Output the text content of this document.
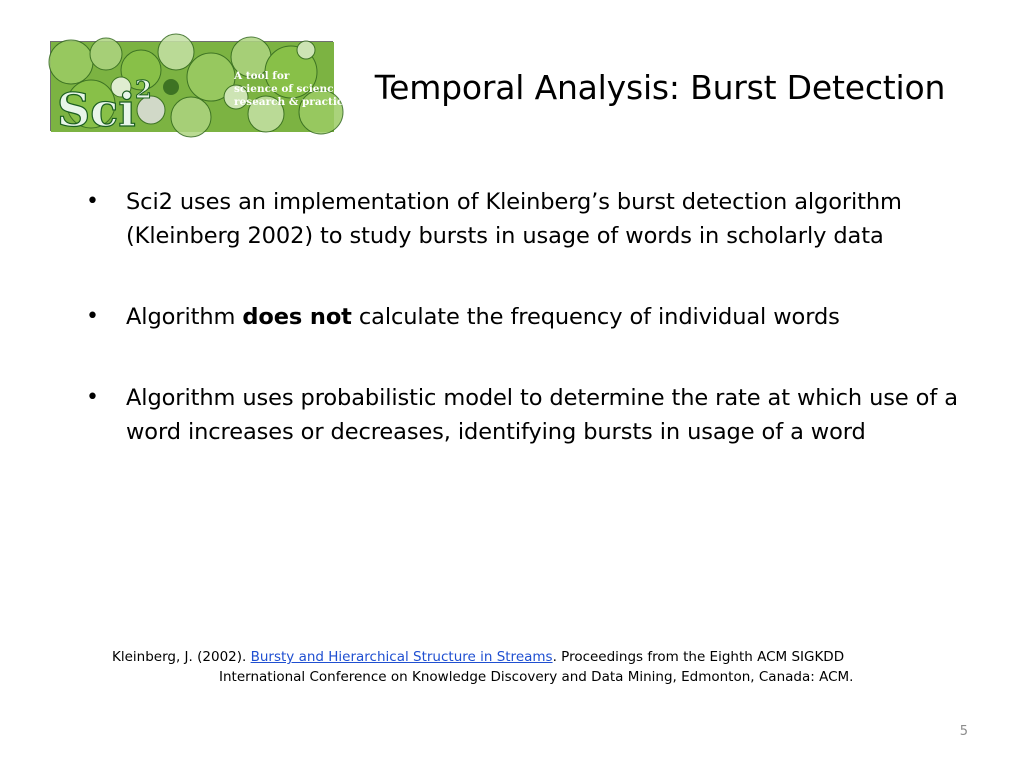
Sci 2	A tool for
science of science
research & practice Temporal Analysis: Burst Detection
• Sci2 uses an implementation of Kleinberg’s burst detection algorithm (Kleinberg 2002) to study bursts in usage of words in scholarly data
• Algorithm does not calculate the frequency of individual words
• Algorithm uses probabilistic model to determine the rate at which use of a word increases or decreases, identifying bursts in usage of a word
Kleinberg, J. (2002). Bursty and Hierarchical Structure in Streams. Proceedings from the Eighth ACM SIGKDD
International Conference on Knowledge Discovery and Data Mining, Edmonton, Canada: ACM.
5
